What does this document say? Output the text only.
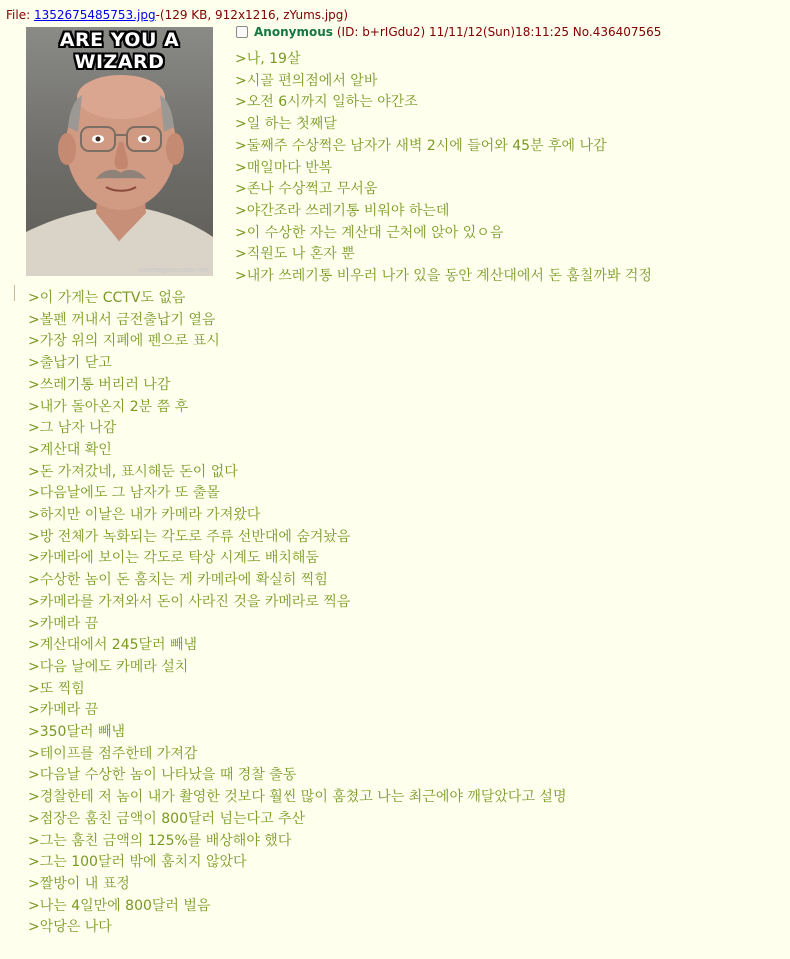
File: 1352675485753.jpg-(129 KB, 912x1216, zYums.jpg)
ARE YOU A
WIZARD
memegenerator.net
Anonymous (ID: b+rIGdu2) 11/11/12(Sun)18:11:25 No.436407565
>나, 19살
>시골 편의점에서 알바
>오전 6시까지 일하는 야간조
>일 하는 첫째달
>둘째주 수상쩍은 남자가 새벽 2시에 들어와 45분 후에 나감
>매일마다 반복
>존나 수상쩍고 무서움
>야간조라 쓰레기통 비워야 하는데
>이 수상한 자는 계산대 근처에 앉아 있ㅇ음
>직원도 나 혼자 뿐
>내가 쓰레기통 비우러 나가 있을 동안 계산대에서 돈 훔칠까봐 걱정
>이 가게는 CCTV도 없음
>볼펜 꺼내서 금전출납기 열음
>가장 위의 지폐에 펜으로 표시
>출납기 닫고
>쓰레기통 버리러 나감
>내가 돌아온지 2분 쯤 후
>그 남자 나감
>계산대 확인
>돈 가져갔네, 표시해둔 돈이 없다
>다음날에도 그 남자가 또 출몰
>하지만 이날은 내가 카메라 가져왔다
>방 전체가 녹화되는 각도로 주류 선반대에 숨겨놨음
>카메라에 보이는 각도로 탁상 시계도 배치해둠
>수상한 놈이 돈 훔치는 게 카메라에 확실히 찍힘
>카메라를 가져와서 돈이 사라진 것을 카메라로 찍음
>카메라 끔
>계산대에서 245달러 빼냄
>다음 날에도 카메라 설치
>또 찍힘
>카메라 끔
>350달러 빼냄
>테이프를 점주한테 가져감
>다음날 수상한 놈이 나타났을 때 경찰 출동
>경찰한테 저 놈이 내가 촬영한 것보다 훨씬 많이 훔쳤고 나는 최근에야 깨달았다고 설명
>점장은 훔친 금액이 800달러 넘는다고 추산
>그는 훔친 금액의 125%를 배상해야 했다
>그는 100달러 밖에 훔치지 않았다
>짤방이 내 표정
>나는 4일만에 800달러 벌음
>악당은 나다
